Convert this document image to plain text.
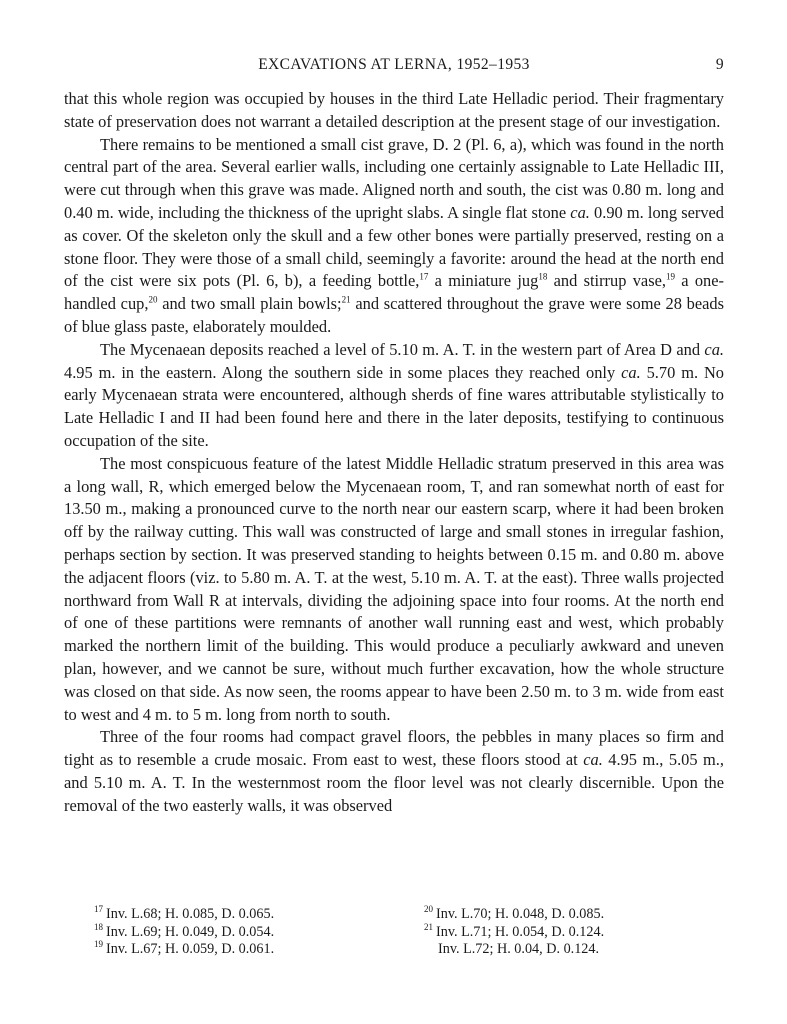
EXCAVATIONS AT LERNA, 1952–1953	9

that this whole region was occupied by houses in the third Late Helladic period. Their fragmentary state of preservation does not warrant a detailed description at the present stage of our investigation.

There remains to be mentioned a small cist grave, D. 2 (Pl. 6, a), which was found in the north central part of the area. Several earlier walls, including one certainly assignable to Late Helladic III, were cut through when this grave was made. Aligned north and south, the cist was 0.80 m. long and 0.40 m. wide, including the thickness of the upright slabs. A single flat stone ca. 0.90 m. long served as cover. Of the skeleton only the skull and a few other bones were partially preserved, resting on a stone floor. They were those of a small child, seemingly a favorite: around the head at the north end of the cist were six pots (Pl. 6, b), a feeding bottle,$^{17}$ a miniature jug$^{18}$ and stirrup vase,$^{19}$ a one-handled cup,$^{20}$ and two small plain bowls;$^{21}$ and scattered throughout the grave were some 28 beads of blue glass paste, elaborately moulded.

The Mycenaean deposits reached a level of 5.10 m. A. T. in the western part of Area D and ca. 4.95 m. in the eastern. Along the southern side in some places they reached only ca. 5.70 m. No early Mycenaean strata were encountered, although sherds of fine wares attributable stylistically to Late Helladic I and II had been found here and there in the later deposits, testifying to continuous occupation of the site.

The most conspicuous feature of the latest Middle Helladic stratum preserved in this area was a long wall, R, which emerged below the Mycenaean room, T, and ran somewhat north of east for 13.50 m., making a pronounced curve to the north near our eastern scarp, where it had been broken off by the railway cutting. This wall was constructed of large and small stones in irregular fashion, perhaps section by section. It was preserved standing to heights between 0.15 m. and 0.80 m. above the adjacent floors (viz. to 5.80 m. A. T. at the west, 5.10 m. A. T. at the east). Three walls projected northward from Wall R at intervals, dividing the adjoining space into four rooms. At the north end of one of these partitions were remnants of another wall running east and west, which probably marked the northern limit of the building. This would produce a peculiarly awkward and uneven plan, however, and we cannot be sure, without much further excavation, how the whole structure was closed on that side. As now seen, the rooms appear to have been 2.50 m. to 3 m. wide from east to west and 4 m. to 5 m. long from north to south.

Three of the four rooms had compact gravel floors, the pebbles in many places so firm and tight as to resemble a crude mosaic. From east to west, these floors stood at ca. 4.95 m., 5.05 m., and 5.10 m. A. T. In the westernmost room the floor level was not clearly discernible. Upon the removal of the two easterly walls, it was observed

$^{17}$ Inv. L.68; H. 0.085, D. 0.065.
$^{18}$ Inv. L.69; H. 0.049, D. 0.054.
$^{19}$ Inv. L.67; H. 0.059, D. 0.061.
$^{20}$ Inv. L.70; H. 0.048, D. 0.085.
$^{21}$ Inv. L.71; H. 0.054, D. 0.124.
Inv. L.72; H. 0.04, D. 0.124.
